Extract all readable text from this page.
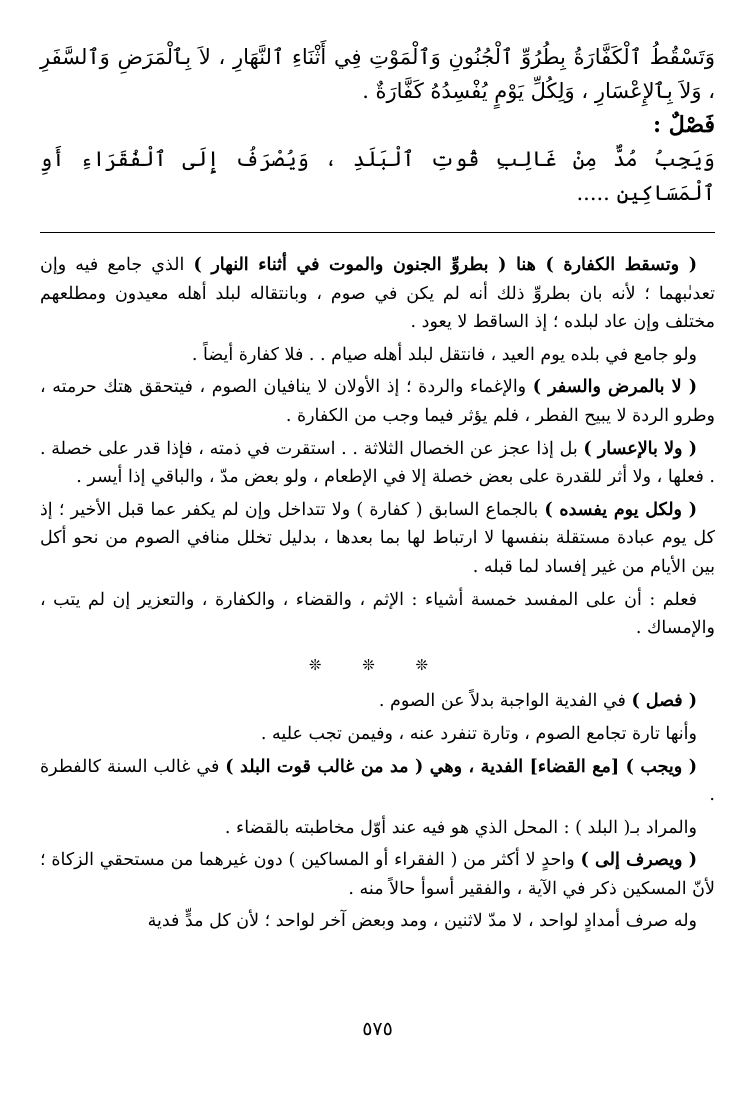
وَتَسْقُطُ ٱلْكَفَّارَةُ بِطُرُوِّ ٱلْجُنُونِ وَٱلْمَوْتِ فِي أَثْنَاءِ ٱلنَّهَارِ ، لاَ بِٱلْمَرَضِ وَٱلسَّفَرِ ، وَلاَ بِٱلإِعْسَارِ ، وَلِكُلِّ يَوْمٍ يُفْسِدُهُ كَفَّارَةٌ .

فَصْلٌ :

وَيَجِبُ مُدٌّ مِنْ غَالِبِ قُوتِ ٱلْبَلَدِ ، وَيُصْرَفُ إِلَى ٱلْفُقَرَاءِ أَوِ ٱلْمَسَاكِينِ .....

( وتسقط الكفارة ) هنا ( بطروِّ الجنون والموت في أثناء النهار ) الذي جامع فيه وإن تعدىٰبهما ؛ لأنه بان بطروِّ ذلك أنه لم يكن في صوم ، وبانتقاله لبلد أهله معيدون ومطلعهم مختلف وإن عاد لبلده ؛ إذ الساقط لا يعود .

ولو جامع في بلده يوم العيد ، فانتقل لبلد أهله صيام . . فلا كفارة أيضاً .

( لا بالمرض والسفر ) والإغماء والردة ؛ إذ الأولان لا ينافيان الصوم ، فيتحقق هتك حرمته ، وطرو الردة لا يبيح الفطر ، فلم يؤثر فيما وجب من الكفارة .

( ولا بالإعسار ) بل إذا عجز عن الخصال الثلاثة . . استقرت في ذمته ، فإذا قدر على خصلة . . فعلها ، ولا أثر للقدرة على بعض خصلة إلا في الإطعام ، ولو بعض مدّ ، والباقي إذا أيسر .

( ولكل يوم يفسده ) بالجماع السابق ( كفارة ) ولا تتداخل وإن لم يكفر عما قبل الأخير ؛ إذ كل يوم عبادة مستقلة بنفسها لا ارتباط لها بما بعدها ، بدليل تخلل منافي الصوم من نحو أكل بين الأيام من غير إفساد لما قبله .

فعلم : أن على المفسد خمسة أشياء : الإثم ، والقضاء ، والكفارة ، والتعزير إن لم يتب ، والإمساك .

❊ ❊ ❊

( فصل ) في الفدية الواجبة بدلاً عن الصوم .

وأنها تارة تجامع الصوم ، وتارة تنفرد عنه ، وفيمن تجب عليه .

( ويجب ) [مع القضاء] الفدية ، وهي ( مد من غالب قوت البلد ) في غالب السنة كالفطرة .

والمراد بـ( البلد ) : المحل الذي هو فيه عند أوّل مخاطبته بالقضاء .

( ويصرف إلى ) واحدٍ لا أكثر من ( الفقراء أو المساكين ) دون غيرهما من مستحقي الزكاة ؛ لأنّ المسكين ذكر في الآية ، والفقير أسوأ حالاً منه .

وله صرف أمدادٍ لواحد ، لا مدّ لاثنين ، ومد وبعض آخر لواحد ؛ لأن كل مدٍّ فدية

٥٧٥
